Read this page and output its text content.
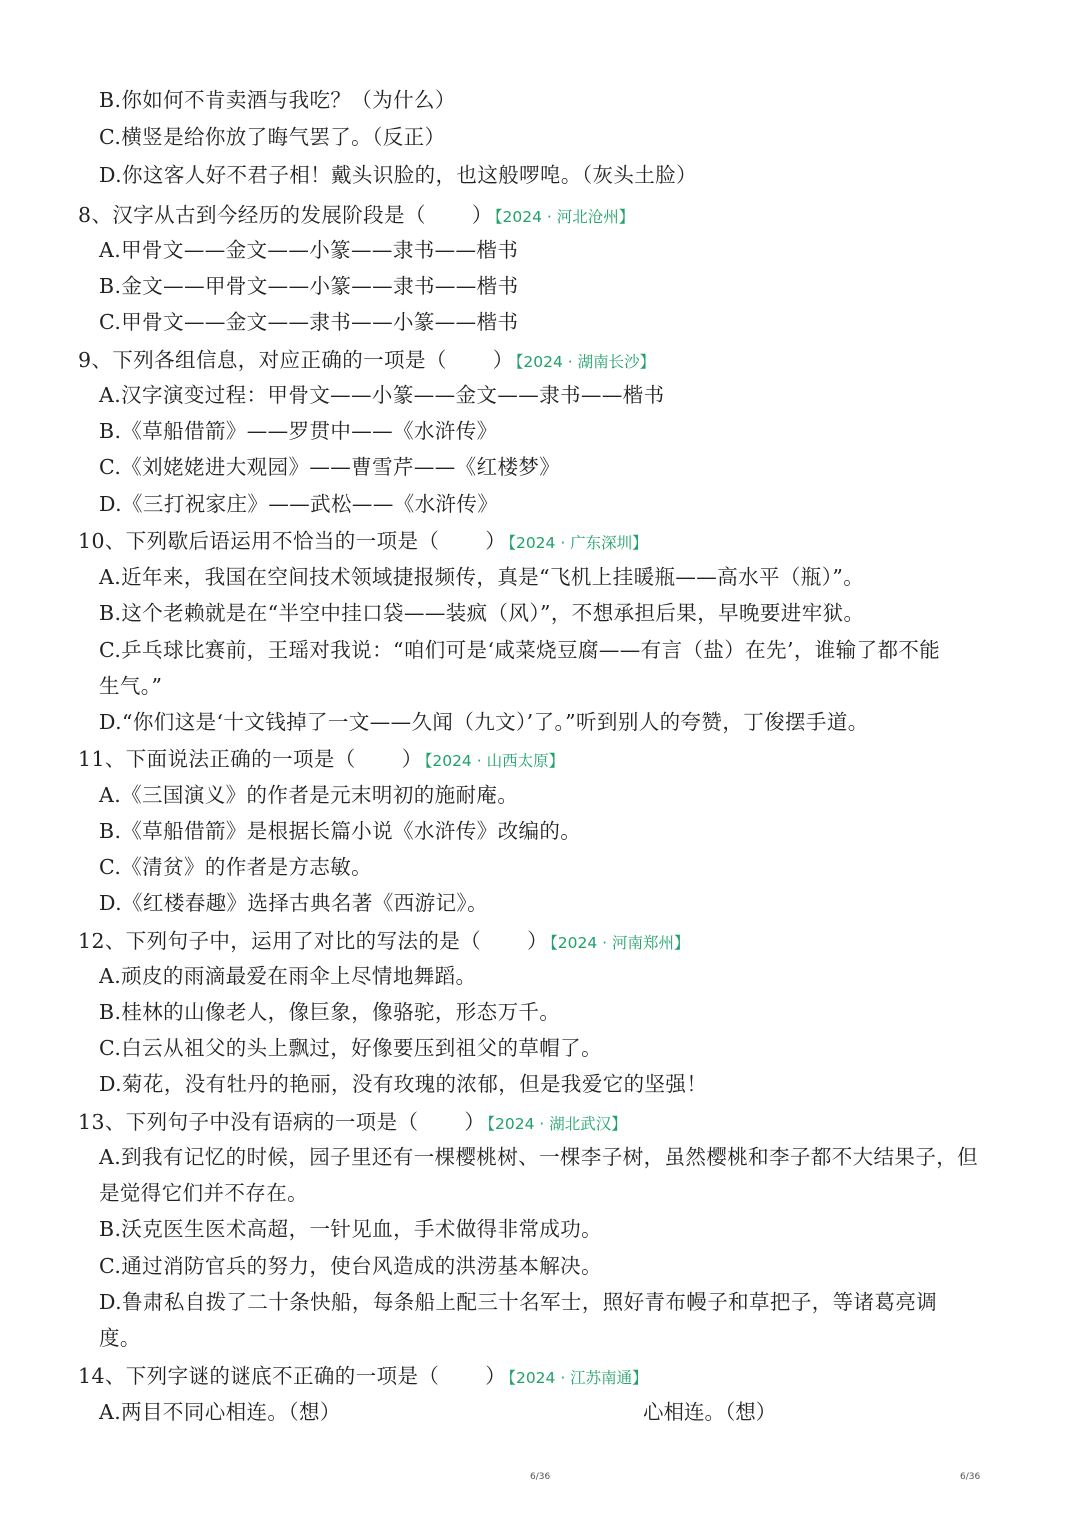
B.你如何不肯卖酒与我吃？（为什么）
C.横竖是给你放了晦气罢了。（反正）
D.你这客人好不君子相！戴头识脸的，也这般啰唣。（灰头土脸）
8、汉字从古到今经历的发展阶段是（ ） 【2024 · 河北沧州】
A.甲骨文——金文——小篆——隶书——楷书
B.金文——甲骨文——小篆——隶书——楷书
C.甲骨文——金文——隶书——小篆——楷书
9、下列各组信息，对应正确的一项是（ ） 【2024 · 湖南长沙】
A.汉字演变过程：甲骨文——小篆——金文——隶书——楷书
B.《草船借箭》——罗贯中——《水浒传》
C.《刘姥姥进大观园》——曹雪芹——《红楼梦》
D.《三打祝家庄》——武松——《水浒传》
10、下列歇后语运用不恰当的一项是（ ） 【2024 · 广东深圳】
A.近年来，我国在空间技术领域捷报频传，真是“飞机上挂暖瓶——高水平（瓶）”。
B.这个老赖就是在“半空中挂口袋——装疯（风）”，不想承担后果，早晚要进牢狱。
C.乒乓球比赛前，王瑶对我说：“咱们可是‘咸菜烧豆腐——有言（盐）在先’，谁输了都不能
生气。”
D.“你们这是‘十文钱掉了一文——久闻（九文）’了。”听到别人的夸赞，丁俊摆手道。
11、下面说法正确的一项是（ ） 【2024 · 山西太原】
A.《三国演义》的作者是元末明初的施耐庵。
B.《草船借箭》是根据长篇小说《水浒传》改编的。
C.《清贫》的作者是方志敏。
D.《红楼春趣》选择古典名著《西游记》。
12、下列句子中，运用了对比的写法的是（ ） 【2024 · 河南郑州】
A.顽皮的雨滴最爱在雨伞上尽情地舞蹈。
B.桂林的山像老人，像巨象，像骆驼，形态万千。
C.白云从祖父的头上飘过，好像要压到祖父的草帽了。
D.菊花，没有牡丹的艳丽，没有玫瑰的浓郁，但是我爱它的坚强！
13、下列句子中没有语病的一项是（ ） 【2024 · 湖北武汉】
A.到我有记忆的时候，园子里还有一棵樱桃树、一棵李子树，虽然樱桃和李子都不大结果子，但
是觉得它们并不存在。
B.沃克医生医术高超，一针见血，手术做得非常成功。
C.通过消防官兵的努力，使台风造成的洪涝基本解决。
D.鲁肃私自拨了二十条快船，每条船上配三十名军士，照好青布幔子和草把子，等诸葛亮调
度。
14、下列字谜的谜底不正确的一项是（ ） 【2024 · 江苏南通】
A.两目不同心相连。（想）	心相连。（想）
6/36	6/36
